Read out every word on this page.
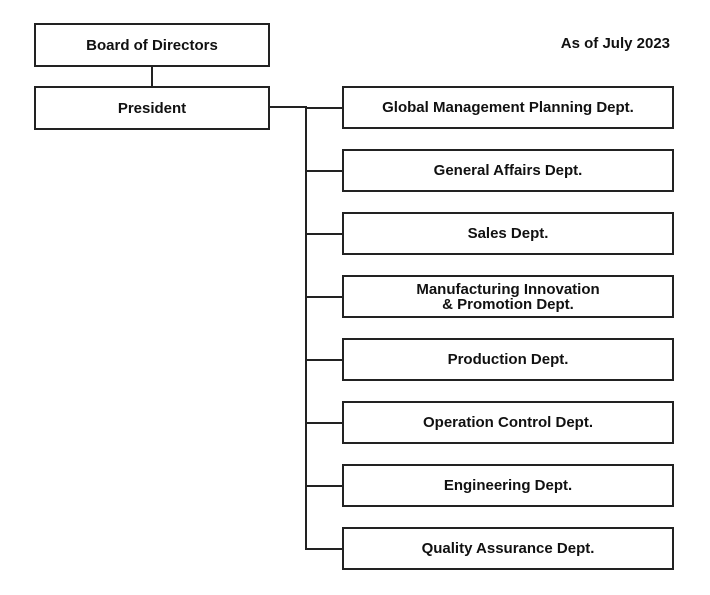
As of July 2023
Board of Directors
President	Global Management Planning Dept.
General Affairs Dept.
Sales Dept.
Manufacturing Innovation
& Promotion Dept.
Production Dept.
Operation Control Dept.
Engineering Dept.
Quality Assurance Dept.
